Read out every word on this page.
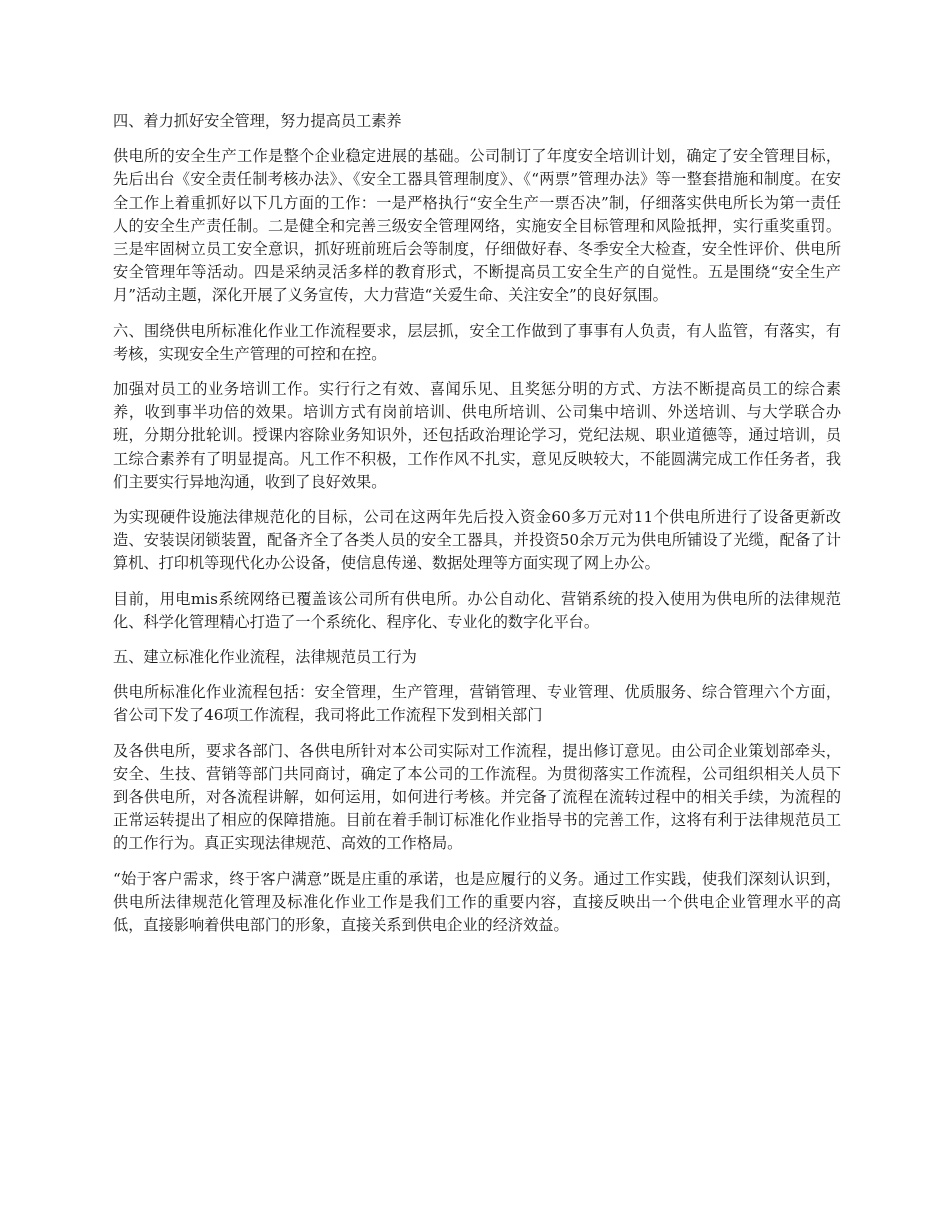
四、着力抓好安全管理，努力提高员工素养

供电所的安全生产工作是整个企业稳定进展的基础。公司制订了年度安全培训计划，确定了安全管理目标，先后出台《安全责任制考核办法》、《安全工器具管理制度》、《“两票”管理办法》等一整套措施和制度。在安全工作上着重抓好以下几方面的工作：一是严格执行“安全生产一票否决”制，仔细落实供电所长为第一责任人的安全生产责任制。二是健全和完善三级安全管理网络，实施安全目标管理和风险抵押，实行重奖重罚。三是牢固树立员工安全意识，抓好班前班后会等制度，仔细做好春、冬季安全大检查，安全性评价、供电所安全管理年等活动。四是采纳灵活多样的教育形式，不断提高员工安全生产的自觉性。五是围绕“安全生产月”活动主题，深化开展了义务宣传，大力营造“关爱生命、关注安全”的良好氛围。

六、围绕供电所标准化作业工作流程要求，层层抓，安全工作做到了事事有人负责，有人监管，有落实，有考核，实现安全生产管理的可控和在控。

加强对员工的业务培训工作。实行行之有效、喜闻乐见、且奖惩分明的方式、方法不断提高员工的综合素养，收到事半功倍的效果。培训方式有岗前培训、供电所培训、公司集中培训、外送培训、与大学联合办班，分期分批轮训。授课内容除业务知识外，还包括政治理论学习，党纪法规、职业道德等，通过培训，员工综合素养有了明显提高。凡工作不积极，工作作风不扎实，意见反映较大，不能圆满完成工作任务者，我们主要实行异地沟通，收到了良好效果。

为实现硬件设施法律规范化的目标，公司在这两年先后投入资金60多万元对11个供电所进行了设备更新改造、安装误闭锁装置，配备齐全了各类人员的安全工器具，并投资50余万元为供电所铺设了光缆，配备了计算机、打印机等现代化办公设备，使信息传递、数据处理等方面实现了网上办公。

目前，用电mis系统网络已覆盖该公司所有供电所。办公自动化、营销系统的投入使用为供电所的法律规范化、科学化管理精心打造了一个系统化、程序化、专业化的数字化平台。

五、建立标准化作业流程，法律规范员工行为

供电所标准化作业流程包括：安全管理，生产管理，营销管理、专业管理、优质服务、综合管理六个方面，省公司下发了46项工作流程，我司将此工作流程下发到相关部门

及各供电所，要求各部门、各供电所针对本公司实际对工作流程，提出修订意见。由公司企业策划部牵头，安全、生技、营销等部门共同商讨，确定了本公司的工作流程。为贯彻落实工作流程，公司组织相关人员下到各供电所，对各流程讲解，如何运用，如何进行考核。并完备了流程在流转过程中的相关手续，为流程的正常运转提出了相应的保障措施。目前在着手制订标准化作业指导书的完善工作，这将有利于法律规范员工的工作行为。真正实现法律规范、高效的工作格局。

“始于客户需求，终于客户满意”既是庄重的承诺，也是应履行的义务。通过工作实践，使我们深刻认识到，供电所法律规范化管理及标准化作业工作是我们工作的重要内容，直接反映出一个供电企业管理水平的高低，直接影响着供电部门的形象，直接关系到供电企业的经济效益。
